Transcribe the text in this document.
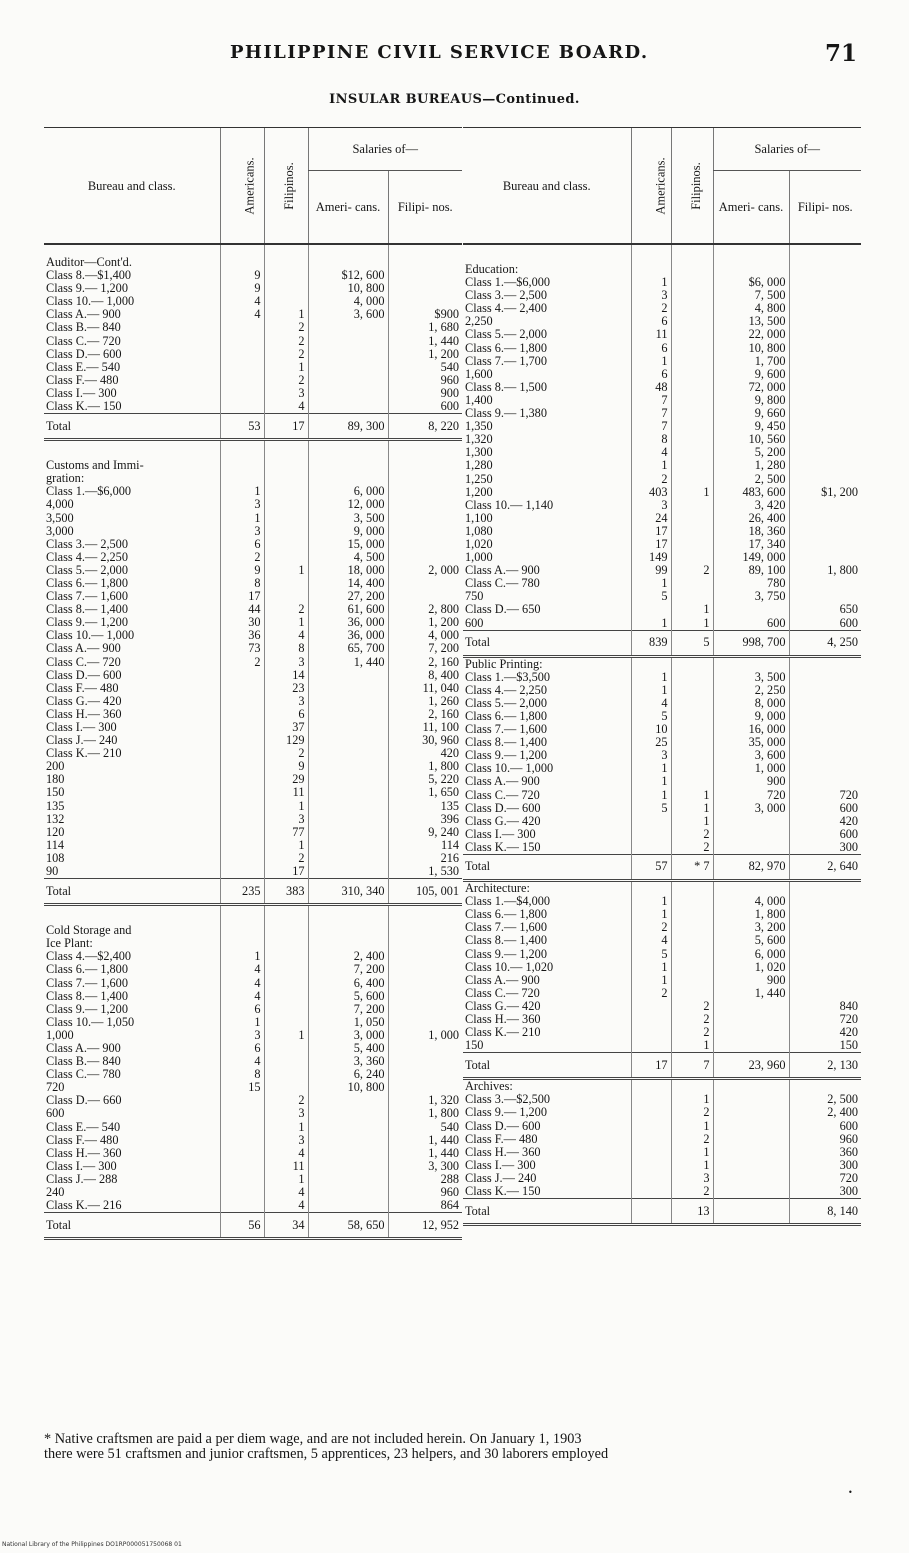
PHILIPPINE CIVIL SERVICE BOARD.	71
INSULAR BUREAUS—Continued.
Bureau and class.	Americans.	Filipinos.	Salaries of—	
			Ameri- cans.	Filipi- nos.

Auditor—Cont'd.				
Class 8.—$1,400	9		$12, 600	
Class 9.— 1,200	9		10, 800	
Class 10.— 1,000	4		4, 000	
Class A.— 900	4	1	3, 600	$900
Class B.— 840		2		1, 680
Class C.— 720		2		1, 440
Class D.— 600		2		1, 200
Class E.— 540		1		540
Class F.— 480		2		960
Class I.— 300		3		900
Class K.— 150		4		600
Total	53	17	89, 300	8, 220

Customs and Immi-				
gration:				
Class 1.—$6,000	1		6, 000	
4,000	3		12, 000	
3,500	1		3, 500	
3,000	3		9, 000	
Class 3.— 2,500	6		15, 000	
Class 4.— 2,250	2		4, 500	
Class 5.— 2,000	9	1	18, 000	2, 000
Class 6.— 1,800	8		14, 400	
Class 7.— 1,600	17		27, 200	
Class 8.— 1,400	44	2	61, 600	2, 800
Class 9.— 1,200	30	1	36, 000	1, 200
Class 10.— 1,000	36	4	36, 000	4, 000
Class A.— 900	73	8	65, 700	7, 200
Class C.— 720	2	3	1, 440	2, 160
Class D.— 600		14		8, 400
Class F.— 480		23		11, 040
Class G.— 420		3		1, 260
Class H.— 360		6		2, 160
Class I.— 300		37		11, 100
Class J.— 240		129		30, 960
Class K.— 210		2		420
200		9		1, 800
180		29		5, 220
150		11		1, 650
135		1		135
132		3		396
120		77		9, 240
114		1		114
108		2		216
90		17		1, 530
Total	235	383	310, 340	105, 001

Cold Storage and				
Ice Plant:				
Class 4.—$2,400	1		2, 400	
Class 6.— 1,800	4		7, 200	
Class 7.— 1,600	4		6, 400	
Class 8.— 1,400	4		5, 600	
Class 9.— 1,200	6		7, 200	
Class 10.— 1,050	1		1, 050	
1,000	3	1	3, 000	1, 000
Class A.— 900	6		5, 400	
Class B.— 840	4		3, 360	
Class C.— 780	8		6, 240	
720	15		10, 800	
Class D.— 660		2		1, 320
600		3		1, 800
Class E.— 540		1		540
Class F.— 480		3		1, 440
Class H.— 360		4		1, 440
Class I.— 300		11		3, 300
Class J.— 288		1		288
240		4		960
Class K.— 216		4		864
Total	56	34	58, 650	12, 952
Bureau and class.	Americans.	Filipinos.	Salaries of—	
			Ameri- cans.	Filipi- nos.

Education:				
Class 1.—$6,000	1		$6, 000	
Class 3.— 2,500	3		7, 500	
Class 4.— 2,400	2		4, 800	
2,250	6		13, 500	
Class 5.— 2,000	11		22, 000	
Class 6.— 1,800	6		10, 800	
Class 7.— 1,700	1		1, 700	
1,600	6		9, 600	
Class 8.— 1,500	48		72, 000	
1,400	7		9, 800	
Class 9.— 1,380	7		9, 660	
1,350	7		9, 450	
1,320	8		10, 560	
1,300	4		5, 200	
1,280	1		1, 280	
1,250	2		2, 500	
1,200	403	1	483, 600	$1, 200
Class 10.— 1,140	3		3, 420	
1,100	24		26, 400	
1,080	17		18, 360	
1,020	17		17, 340	
1,000	149		149, 000	
Class A.— 900	99	2	89, 100	1, 800
Class C.— 780	1		780	
750	5		3, 750	
Class D.— 650		1		650
600	1	1	600	600
Total	839	5	998, 700	4, 250
Public Printing:				
Class 1.—$3,500	1		3, 500	
Class 4.— 2,250	1		2, 250	
Class 5.— 2,000	4		8, 000	
Class 6.— 1,800	5		9, 000	
Class 7.— 1,600	10		16, 000	
Class 8.— 1,400	25		35, 000	
Class 9.— 1,200	3		3, 600	
Class 10.— 1,000	1		1, 000	
Class A.— 900	1		900	
Class C.— 720	1	1	720	720
Class D.— 600	5	1	3, 000	600
Class G.— 420		1		420
Class I.— 300		2		600
Class K.— 150		2		300
Total	57	* 7	82, 970	2, 640
Architecture:				
Class 1.—$4,000	1		4, 000	
Class 6.— 1,800	1		1, 800	
Class 7.— 1,600	2		3, 200	
Class 8.— 1,400	4		5, 600	
Class 9.— 1,200	5		6, 000	
Class 10.— 1,020	1		1, 020	
Class A.— 900	1		900	
Class C.— 720	2		1, 440	
Class G.— 420		2		840
Class H.— 360		2		720
Class K.— 210		2		420
150		1		150
Total	17	7	23, 960	2, 130
Archives:				
Class 3.—$2,500		1		2, 500
Class 9.— 1,200		2		2, 400
Class D.— 600		1		600
Class F.— 480		2		960
Class H.— 360		1		360
Class I.— 300		1		300
Class J.— 240		3		720
Class K.— 150		2		300
Total		13		8, 140
* Native craftsmen are paid a per diem wage, and are not included herein. On January 1, 1903
there were 51 craftsmen and junior craftsmen, 5 apprentices, 23 helpers, and 30 laborers employed
•
National Library of the Philippines DO1RP000051750068 01
